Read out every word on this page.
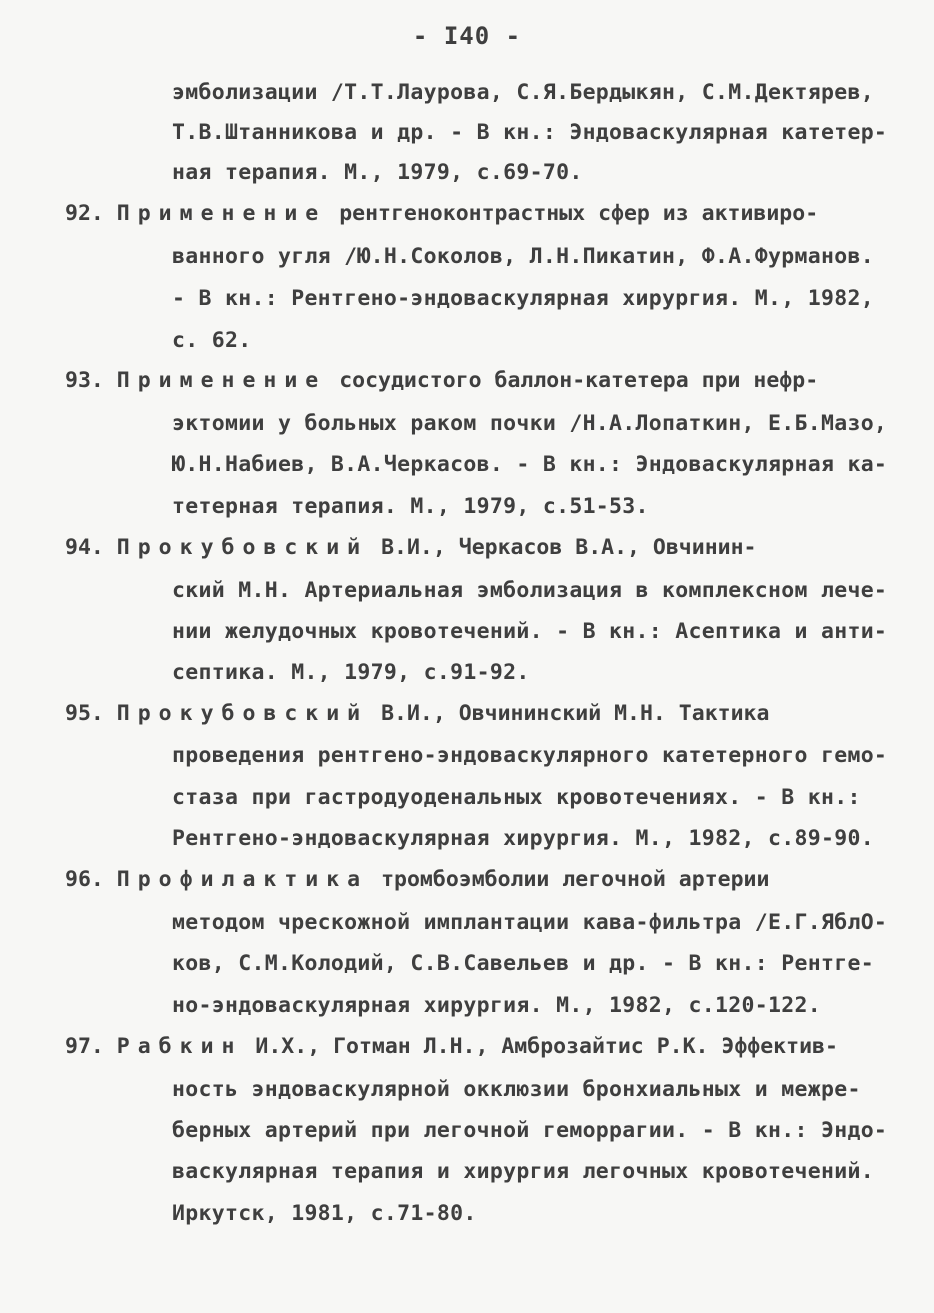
- I40 -
эмболизации /Т.Т.Лаурова, С.Я.Бердыкян, С.М.Дектярев,
Т.В.Штанникова и др. - В кн.: Эндоваскулярная катетер-
ная терапия. М., 1979, с.69-70.
92. Применение рентгеноконтрастных сфер из активиро-
ванного угля /Ю.Н.Соколов, Л.Н.Пикатин, Ф.А.Фурманов.
- В кн.: Рентгено-эндоваскулярная хирургия. М., 1982,
с. 62.
93. Применение сосудистого баллон-катетера при нефр-
эктомии у больных раком почки /Н.А.Лопаткин, Е.Б.Мазо,
Ю.Н.Набиев, В.А.Черкасов. - В кн.: Эндоваскулярная ка-
тетерная терапия. М., 1979, с.51-53.
94. Прокубовский В.И., Черкасов В.А., Овчинин-
ский М.Н. Артериальная эмболизация в комплексном лече-
нии желудочных кровотечений. - В кн.: Асептика и анти-
септика. М., 1979, с.91-92.
95. Прокубовский В.И., Овчининский М.Н. Тактика
проведения рентгено-эндоваскулярного катетерного гемо-
стаза при гастродуоденальных кровотечениях. - В кн.:
Рентгено-эндоваскулярная хирургия. М., 1982, с.89-90.
96. Профилактика тромбоэмболии легочной артерии
методом чрескожной имплантации кава-фильтра /Е.Г.ЯблО-
ков, С.М.Колодий, С.В.Савельев и др. - В кн.: Рентге-
но-эндоваскулярная хирургия. М., 1982, с.120-122.
97. Рабкин И.Х., Готман Л.Н., Амброзайтис Р.К. Эффектив-
ность эндоваскулярной окклюзии бронхиальных и межре-
берных артерий при легочной геморрагии. - В кн.: Эндо-
васкулярная терапия и хирургия легочных кровотечений.
Иркутск, 1981, с.71-80.
